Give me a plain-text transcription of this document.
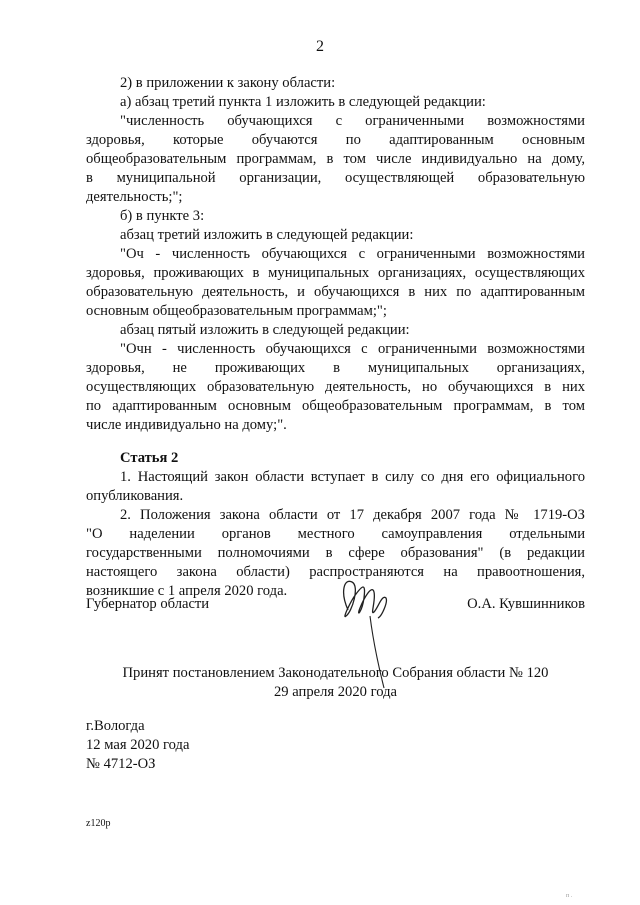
2
2) в приложении к закону области:
а) абзац третий пункта 1 изложить в следующей редакции:
"численность обучающихся с ограниченными возможностями
здоровья, которые обучаются по адаптированным основным
общеобразовательным программам, в том числе индивидуально на дому,
в муниципальной организации, осуществляющей образовательную
деятельность;";
б) в пункте 3:
абзац третий изложить в следующей редакции:
"Оч - численность обучающихся с ограниченными возможностями
здоровья, проживающих в муниципальных организациях, осуществляющих
образовательную деятельность, и обучающихся в них по адаптированным
основным общеобразовательным программам;";
абзац пятый изложить в следующей редакции:
"Очн - численность обучающихся с ограниченными возможностями
здоровья, не проживающих в муниципальных организациях,
осуществляющих образовательную деятельность, но обучающихся в них
по адаптированным основным общеобразовательным программам, в том
числе индивидуально на дому;".
Статья 2
1. Настоящий закон области вступает в силу со дня его официального
опубликования.
2. Положения закона области от 17 декабря 2007 года № 1719-ОЗ
"О наделении органов местного самоуправления отдельными
государственными полномочиями в сфере образования" (в редакции
настоящего закона области) распространяются на правоотношения,
возникшие с 1 апреля 2020 года.
Губернатор области	О.А. Кувшинников
Принят постановлением Законодательного Собрания области № 120
29 апреля 2020 года
г.Вологда
12 мая 2020 года
№ 4712-ОЗ
z120p
п .
